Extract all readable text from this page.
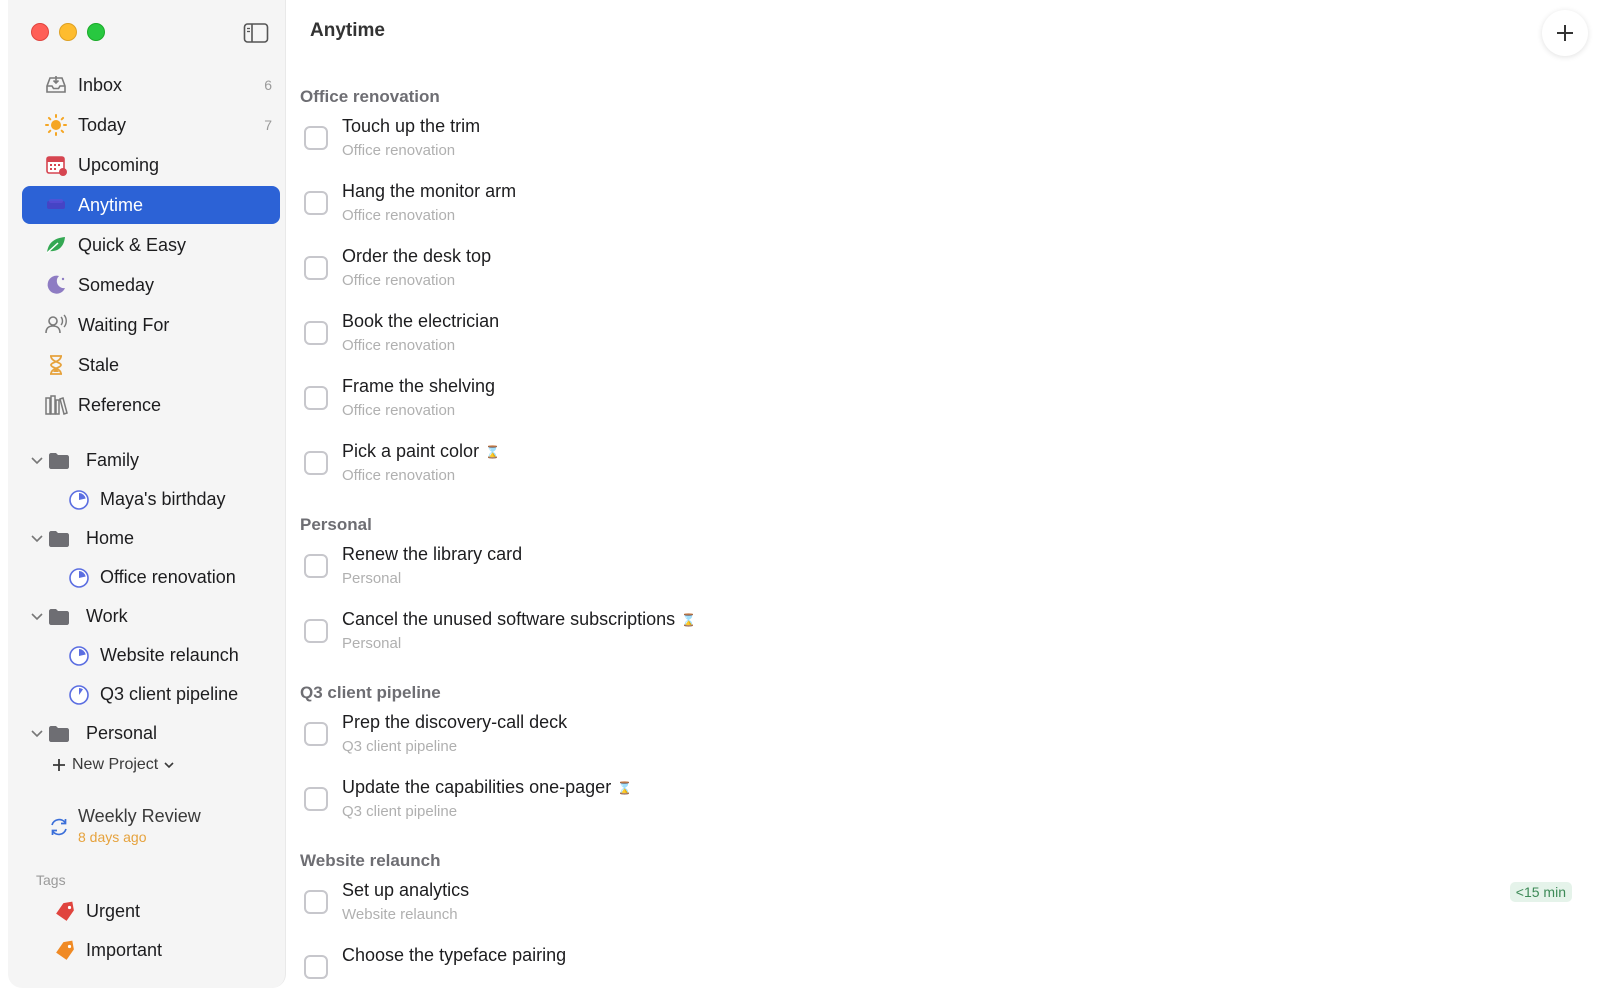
Inbox	6
Today	7
Upcoming
Anytime
Quick & Easy
Someday
Waiting For
Stale
Reference
Family
Maya's birthday
Home
Office renovation
Work
Website relaunch
Q3 client pipeline
Personal
New Project
Weekly Review
8 days ago
Tags
Urgent
Important
Anytime
Office renovation
Touch up the trim
Office renovation
Hang the monitor arm
Office renovation
Order the desk top
Office renovation
Book the electrician
Office renovation
Frame the shelving
Office renovation
Pick a paint color ⌛
Office renovation
Personal
Renew the library card
Personal
Cancel the unused software subscriptions ⌛
Personal
Q3 client pipeline
Prep the discovery-call deck
Q3 client pipeline
Update the capabilities one-pager ⌛
Q3 client pipeline
Website relaunch
Set up analytics
Website relaunch
<15 min
Choose the typeface pairing
